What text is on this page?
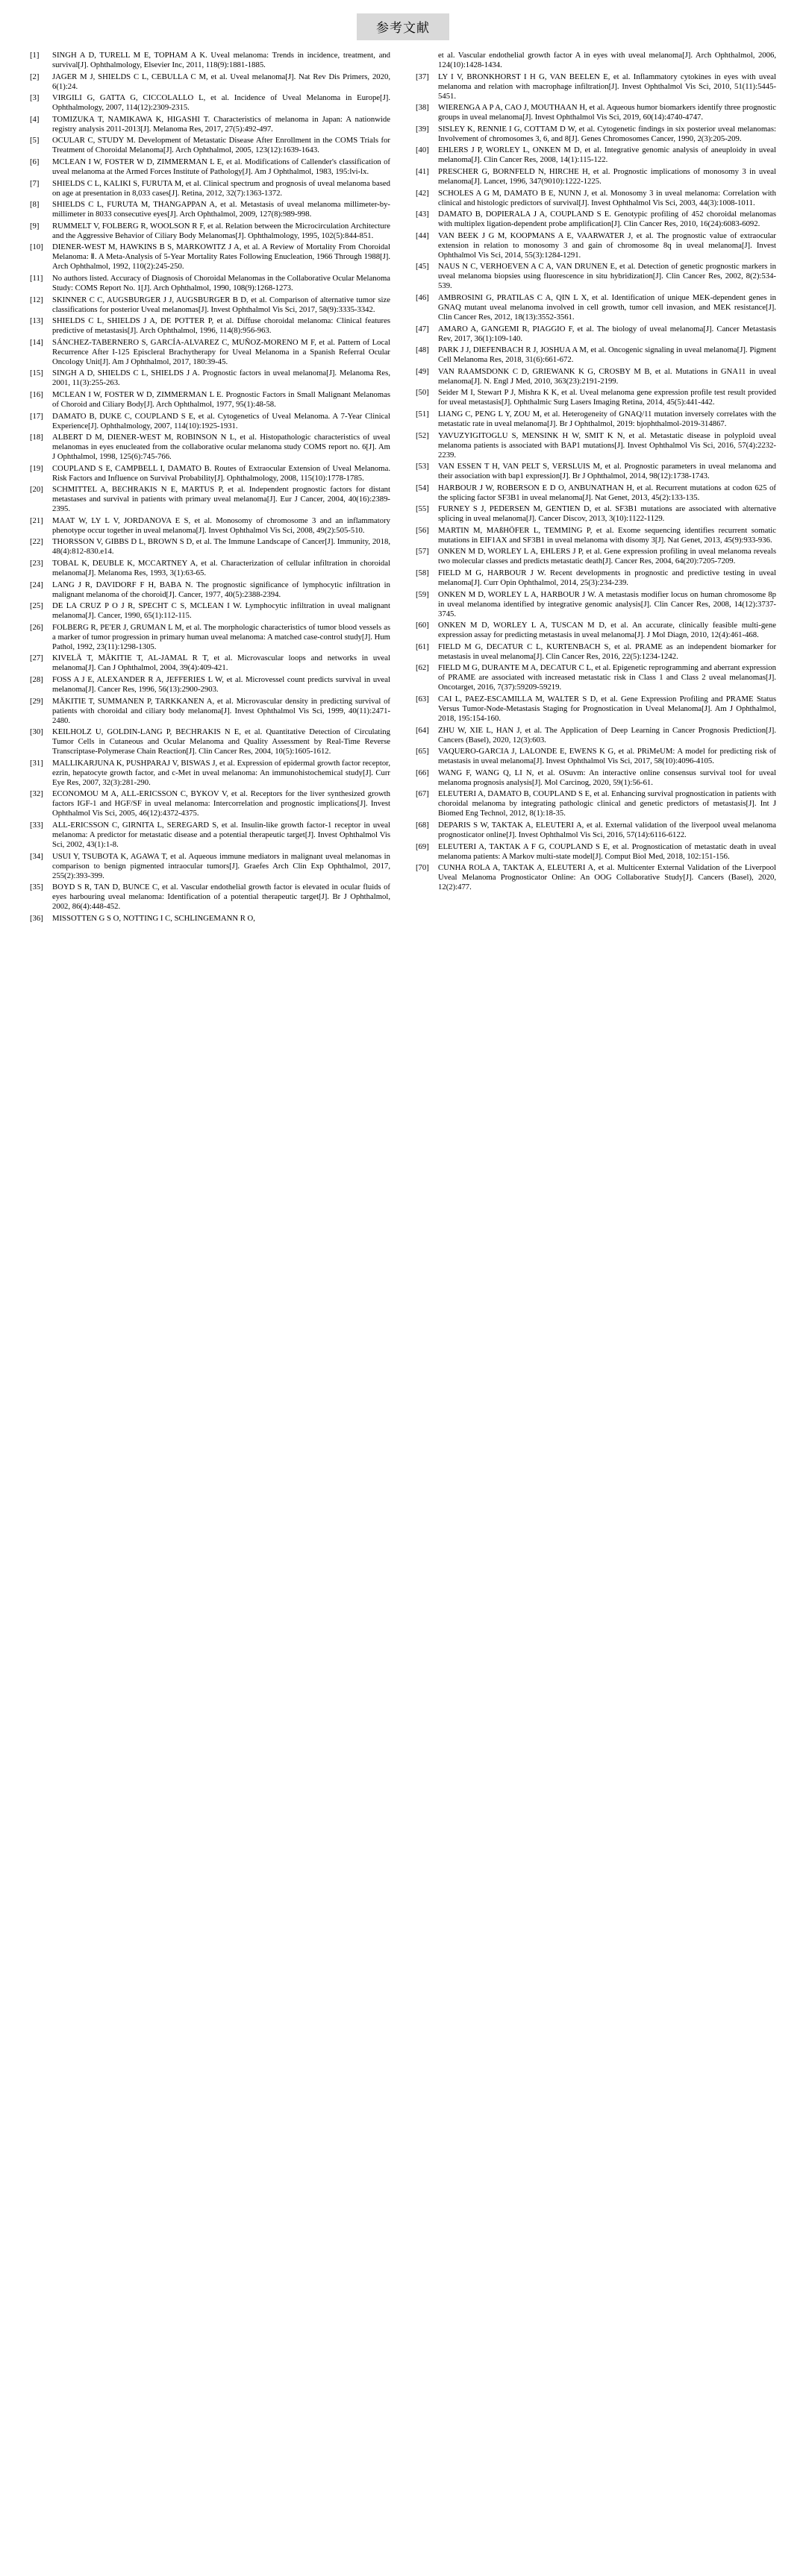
参考文献
[1]	SINGH A D, TURELL M E, TOPHAM A K. Uveal melanoma: Trends in incidence, treatment, and survival[J]. Ophthalmology, Elsevier Inc, 2011, 118(9):1881-1885.
[2]	JAGER M J, SHIELDS C L, CEBULLA C M, et al. Uveal melanoma[J]. Nat Rev Dis Primers, 2020, 6(1):24.
[3]	VIRGILI G, GATTA G, CICCOLALLO L, et al. Incidence of Uveal Melanoma in Europe[J]. Ophthalmology, 2007, 114(12):2309-2315.
[4]	TOMIZUKA T, NAMIKAWA K, HIGASHI T. Characteristics of melanoma in Japan: A nationwide registry analysis 2011-2013[J]. Melanoma Res, 2017, 27(5):492-497.
[5]	OCULAR C, STUDY M. Development of Metastatic Disease After Enrollment in the COMS Trials for Treatment of Choroidal Melanoma[J]. Arch Ophthalmol, 2005, 123(12):1639-1643.
[6]	MCLEAN I W, FOSTER W D, ZIMMERMAN L E, et al. Modifications of Callender's classification of uveal melanoma at the Armed Forces Institute of Pathology[J]. Am J Ophthalmol, 1983, 195:lvi-lx.
[7]	SHIELDS C L, KALIKI S, FURUTA M, et al. Clinical spectrum and prognosis of uveal melanoma based on age at presentation in 8,033 cases[J]. Retina, 2012, 32(7):1363-1372.
[8]	SHIELDS C L, FURUTA M, THANGAPPAN A, et al. Metastasis of uveal melanoma millimeter-by-millimeter in 8033 consecutive eyes[J]. Arch Ophthalmol, 2009, 127(8):989-998.
[9]	RUMMELT V, FOLBERG R, WOOLSON R F, et al. Relation between the Microcirculation Architecture and the Aggressive Behavior of Ciliary Body Melanomas[J]. Ophthalmology, 1995, 102(5):844-851.
[10]	DIENER-WEST M, HAWKINS B S, MARKOWITZ J A, et al. A Review of Mortality From Choroidal Melanoma: Ⅱ. A Meta-Analysis of 5-Year Mortality Rates Following Enucleation, 1966 Through 1988[J]. Arch Ophthalmol, 1992, 110(2):245-250.
[11]	No authors listed. Accuracy of Diagnosis of Choroidal Melanomas in the Collaborative Ocular Melanoma Study: COMS Report No. 1[J]. Arch Ophthalmol, 1990, 108(9):1268-1273.
[12]	SKINNER C C, AUGSBURGER J J, AUGSBURGER B D, et al. Comparison of alternative tumor size classifications for posterior Uveal melanomas[J]. Invest Ophthalmol Vis Sci, 2017, 58(9):3335-3342.
[13]	SHIELDS C L, SHIELDS J A, DE POTTER P, et al. Diffuse choroidal melanoma: Clinical features predictive of metastasis[J]. Arch Ophthalmol, 1996, 114(8):956-963.
[14]	SÁNCHEZ-TABERNERO S, GARCÍA-ALVAREZ C, MUÑOZ-MORENO M F, et al. Pattern of Local Recurrence After I-125 Episcleral Brachytherapy for Uveal Melanoma in a Spanish Referral Ocular Oncology Unit[J]. Am J Ophthalmol, 2017, 180:39-45.
[15]	SINGH A D, SHIELDS C L, SHIELDS J A. Prognostic factors in uveal melanoma[J]. Melanoma Res, 2001, 11(3):255-263.
[16]	MCLEAN I W, FOSTER W D, ZIMMERMAN L E. Prognostic Factors in Small Malignant Melanomas of Choroid and Ciliary Body[J]. Arch Ophthalmol, 1977, 95(1):48-58.
[17]	DAMATO B, DUKE C, COUPLAND S E, et al. Cytogenetics of Uveal Melanoma. A 7-Year Clinical Experience[J]. Ophthalmology, 2007, 114(10):1925-1931.
[18]	ALBERT D M, DIENER-WEST M, ROBINSON N L, et al. Histopathologic characteristics of uveal melanomas in eyes enucleated from the collaborative ocular melanoma study COMS report no. 6[J]. Am J Ophthalmol, 1998, 125(6):745-766.
[19]	COUPLAND S E, CAMPBELL I, DAMATO B. Routes of Extraocular Extension of Uveal Melanoma. Risk Factors and Influence on Survival Probability[J]. Ophthalmology, 2008, 115(10):1778-1785.
[20]	SCHMITTEL A, BECHRAKIS N E, MARTUS P, et al. Independent prognostic factors for distant metastases and survival in patients with primary uveal melanoma[J]. Eur J Cancer, 2004, 40(16):2389-2395.
[21]	MAAT W, LY L V, JORDANOVA E S, et al. Monosomy of chromosome 3 and an inflammatory phenotype occur together in uveal melanoma[J]. Invest Ophthalmol Vis Sci, 2008, 49(2):505-510.
[22]	THORSSON V, GIBBS D L, BROWN S D, et al. The Immune Landscape of Cancer[J]. Immunity, 2018, 48(4):812-830.e14.
[23]	TOBAL K, DEUBLE K, MCCARTNEY A, et al. Characterization of cellular infiltration in choroidal melanoma[J]. Melanoma Res, 1993, 3(1):63-65.
[24]	LANG J R, DAVIDORF F H, BABA N. The prognostic significance of lymphocytic infiltration in malignant melanoma of the choroid[J]. Cancer, 1977, 40(5):2388-2394.
[25]	DE LA CRUZ P O J R, SPECHT C S, MCLEAN I W. Lymphocytic infiltration in uveal malignant melanoma[J]. Cancer, 1990, 65(1):112-115.
[26]	FOLBERG R, PE'ER J, GRUMAN L M, et al. The morphologic characteristics of tumor blood vessels as a marker of tumor progression in primary human uveal melanoma: A matched case-control study[J]. Hum Pathol, 1992, 23(11):1298-1305.
[27]	KIVELÄ T, MÄKITIE T, AL-JAMAL R T, et al. Microvascular loops and networks in uveal melanoma[J]. Can J Ophthalmol, 2004, 39(4):409-421.
[28]	FOSS A J E, ALEXANDER R A, JEFFERIES L W, et al. Microvessel count predicts survival in uveal melanoma[J]. Cancer Res, 1996, 56(13):2900-2903.
[29]	MÄKITIE T, SUMMANEN P, TARKKANEN A, et al. Microvascular density in predicting survival of patients with choroidal and ciliary body melanoma[J]. Invest Ophthalmol Vis Sci, 1999, 40(11):2471-2480.
[30]	KEILHOLZ U, GOLDIN-LANG P, BECHRAKIS N E, et al. Quantitative Detection of Circulating Tumor Cells in Cutaneous and Ocular Melanoma and Quality Assessment by Real-Time Reverse Transcriptase-Polymerase Chain Reaction[J]. Clin Cancer Res, 2004, 10(5):1605-1612.
[31]	MALLIKARJUNA K, PUSHPARAJ V, BISWAS J, et al. Expression of epidermal growth factor receptor, ezrin, hepatocyte growth factor, and c-Met in uveal melanoma: An immunohistochemical study[J]. Curr Eye Res, 2007, 32(3):281-290.
[32]	ECONOMOU M A, ALL-ERICSSON C, BYKOV V, et al. Receptors for the liver synthesized growth factors IGF-1 and HGF/SF in uveal melanoma: Intercorrelation and prognostic implications[J]. Invest Ophthalmol Vis Sci, 2005, 46(12):4372-4375.
[33]	ALL-ERICSSON C, GIRNITA L, SEREGARD S, et al. Insulin-like growth factor-1 receptor in uveal melanoma: A predictor for metastatic disease and a potential therapeutic target[J]. Invest Ophthalmol Vis Sci, 2002, 43(1):1-8.
[34]	USUI Y, TSUBOTA K, AGAWA T, et al. Aqueous immune mediators in malignant uveal melanomas in comparison to benign pigmented intraocular tumors[J]. Graefes Arch Clin Exp Ophthalmol, 2017, 255(2):393-399.
[35]	BOYD S R, TAN D, BUNCE C, et al. Vascular endothelial growth factor is elevated in ocular fluids of eyes harbouring uveal melanoma: Identification of a potential therapeutic target[J]. Br J Ophthalmol, 2002, 86(4):448-452.
[36]	MISSOTTEN G S O, NOTTING I C, SCHLINGEMANN R O,
et al. Vascular endothelial growth factor A in eyes with uveal melanoma[J]. Arch Ophthalmol, 2006, 124(10):1428-1434.
[37]	LY I V, BRONKHORST I H G, VAN BEELEN E, et al. Inflammatory cytokines in eyes with uveal melanoma and relation with macrophage infiltration[J]. Invest Ophthalmol Vis Sci, 2010, 51(11):5445-5451.
[38]	WIERENGA A P A, CAO J, MOUTHAAN H, et al. Aqueous humor biomarkers identify three prognostic groups in uveal melanoma[J]. Invest Ophthalmol Vis Sci, 2019, 60(14):4740-4747.
[39]	SISLEY K, RENNIE I G, COTTAM D W, et al. Cytogenetic findings in six posterior uveal melanomas: Involvement of chromosomes 3, 6, and 8[J]. Genes Chromosomes Cancer, 1990, 2(3):205-209.
[40]	EHLERS J P, WORLEY L, ONKEN M D, et al. Integrative genomic analysis of aneuploidy in uveal melanoma[J]. Clin Cancer Res, 2008, 14(1):115-122.
[41]	PRESCHER G, BORNFELD N, HIRCHE H, et al. Prognostic implications of monosomy 3 in uveal melanoma[J]. Lancet, 1996, 347(9010):1222-1225.
[42]	SCHOLES A G M, DAMATO B E, NUNN J, et al. Monosomy 3 in uveal melanoma: Correlation with clinical and histologic predictors of survival[J]. Invest Ophthalmol Vis Sci, 2003, 44(3):1008-1011.
[43]	DAMATO B, DOPIERALA J A, COUPLAND S E. Genotypic profiling of 452 choroidal melanomas with multiplex ligation-dependent probe amplification[J]. Clin Cancer Res, 2010, 16(24):6083-6092.
[44]	VAN BEEK J G M, KOOPMANS A E, VAARWATER J, et al. The prognostic value of extraocular extension in relation to monosomy 3 and gain of chromosome 8q in uveal melanoma[J]. Invest Ophthalmol Vis Sci, 2014, 55(3):1284-1291.
[45]	NAUS N C, VERHOEVEN A C A, VAN DRUNEN E, et al. Detection of genetic prognostic markers in uveal melanoma biopsies using fluorescence in situ hybridization[J]. Clin Cancer Res, 2002, 8(2):534-539.
[46]	AMBROSINI G, PRATILAS C A, QIN L X, et al. Identification of unique MEK-dependent genes in GNAQ mutant uveal melanoma involved in cell growth, tumor cell invasion, and MEK resistance[J]. Clin Cancer Res, 2012, 18(13):3552-3561.
[47]	AMARO A, GANGEMI R, PIAGGIO F, et al. The biology of uveal melanoma[J]. Cancer Metastasis Rev, 2017, 36(1):109-140.
[48]	PARK J J, DIEFENBACH R J, JOSHUA A M, et al. Oncogenic signaling in uveal melanoma[J]. Pigment Cell Melanoma Res, 2018, 31(6):661-672.
[49]	VAN RAAMSDONK C D, GRIEWANK K G, CROSBY M B, et al. Mutations in GNA11 in uveal melanoma[J]. N. Engl J Med, 2010, 363(23):2191-2199.
[50]	Seider M I, Stewart P J, Mishra K K, et al. Uveal melanoma gene expression profile test result provided for uveal metastasis[J]. Ophthalmic Surg Lasers Imaging Retina, 2014, 45(5):441-442.
[51]	LIANG C, PENG L Y, ZOU M, et al. Heterogeneity of GNAQ/11 mutation inversely correlates with the metastatic rate in uveal melanoma[J]. Br J Ophthalmol, 2019: bjophthalmol-2019-314867.
[52]	YAVUZYIGITOGLU S, MENSINK H W, SMIT K N, et al. Metastatic disease in polyploid uveal melanoma patients is associated with BAP1 mutations[J]. Invest Ophthalmol Vis Sci, 2016, 57(4):2232-2239.
[53]	VAN ESSEN T H, VAN PELT S, VERSLUIS M, et al. Prognostic parameters in uveal melanoma and their association with bap1 expression[J]. Br J Ophthalmol, 2014, 98(12):1738-1743.
[54]	HARBOUR J W, ROBERSON E D O, ANBUNATHAN H, et al. Recurrent mutations at codon 625 of the splicing factor SF3B1 in uveal melanoma[J]. Nat Genet, 2013, 45(2):133-135.
[55]	FURNEY S J, PEDERSEN M, GENTIEN D, et al. SF3B1 mutations are associated with alternative splicing in uveal melanoma[J]. Cancer Discov, 2013, 3(10):1122-1129.
[56]	MARTIN M, MAßHÖFER L, TEMMING P, et al. Exome sequencing identifies recurrent somatic mutations in EIF1AX and SF3B1 in uveal melanoma with disomy 3[J]. Nat Genet, 2013, 45(9):933-936.
[57]	ONKEN M D, WORLEY L A, EHLERS J P, et al. Gene expression profiling in uveal melanoma reveals two molecular classes and predicts metastatic death[J]. Cancer Res, 2004, 64(20):7205-7209.
[58]	FIELD M G, HARBOUR J W. Recent developments in prognostic and predictive testing in uveal melanoma[J]. Curr Opin Ophthalmol, 2014, 25(3):234-239.
[59]	ONKEN M D, WORLEY L A, HARBOUR J W. A metastasis modifier locus on human chromosome 8p in uveal melanoma identified by integrative genomic analysis[J]. Clin Cancer Res, 2008, 14(12):3737-3745.
[60]	ONKEN M D, WORLEY L A, TUSCAN M D, et al. An accurate, clinically feasible multi-gene expression assay for predicting metastasis in uveal melanoma[J]. J Mol Diagn, 2010, 12(4):461-468.
[61]	FIELD M G, DECATUR C L, KURTENBACH S, et al. PRAME as an independent biomarker for metastasis in uveal melanoma[J]. Clin Cancer Res, 2016, 22(5):1234-1242.
[62]	FIELD M G, DURANTE M A, DECATUR C L, et al. Epigenetic reprogramming and aberrant expression of PRAME are associated with increased metastatic risk in Class 1 and Class 2 uveal melanomas[J]. Oncotarget, 2016, 7(37):59209-59219.
[63]	CAI L, PAEZ-ESCAMILLA M, WALTER S D, et al. Gene Expression Profiling and PRAME Status Versus Tumor-Node-Metastasis Staging for Prognostication in Uveal Melanoma[J]. Am J Ophthalmol, 2018, 195:154-160.
[64]	ZHU W, XIE L, HAN J, et al. The Application of Deep Learning in Cancer Prognosis Prediction[J]. Cancers (Basel), 2020, 12(3):603.
[65]	VAQUERO-GARCIA J, LALONDE E, EWENS K G, et al. PRiMeUM: A model for predicting risk of metastasis in uveal melanoma[J]. Invest Ophthalmol Vis Sci, 2017, 58(10):4096-4105.
[66]	WANG F, WANG Q, LI N, et al. OSuvm: An interactive online consensus survival tool for uveal melanoma prognosis analysis[J]. Mol Carcinog, 2020, 59(1):56-61.
[67]	ELEUTERI A, DAMATO B, COUPLAND S E, et al. Enhancing survival prognostication in patients with choroidal melanoma by integrating pathologic clinical and genetic predictors of metastasis[J]. Int J Biomed Eng Technol, 2012, 8(1):18-35.
[68]	DEPARIS S W, TAKTAK A, ELEUTERI A, et al. External validation of the liverpool uveal melanoma prognosticator online[J]. Invest Ophthalmol Vis Sci, 2016, 57(14):6116-6122.
[69]	ELEUTERI A, TAKTAK A F G, COUPLAND S E, et al. Prognostication of metastatic death in uveal melanoma patients: A Markov multi-state model[J]. Comput Biol Med, 2018, 102:151-156.
[70]	CUNHA ROLA A, TAKTAK A, ELEUTERI A, et al. Multicenter External Validation of the Liverpool Uveal Melanoma Prognosticator Online: An OOG Collaborative Study[J]. Cancers (Basel), 2020, 12(2):477.
